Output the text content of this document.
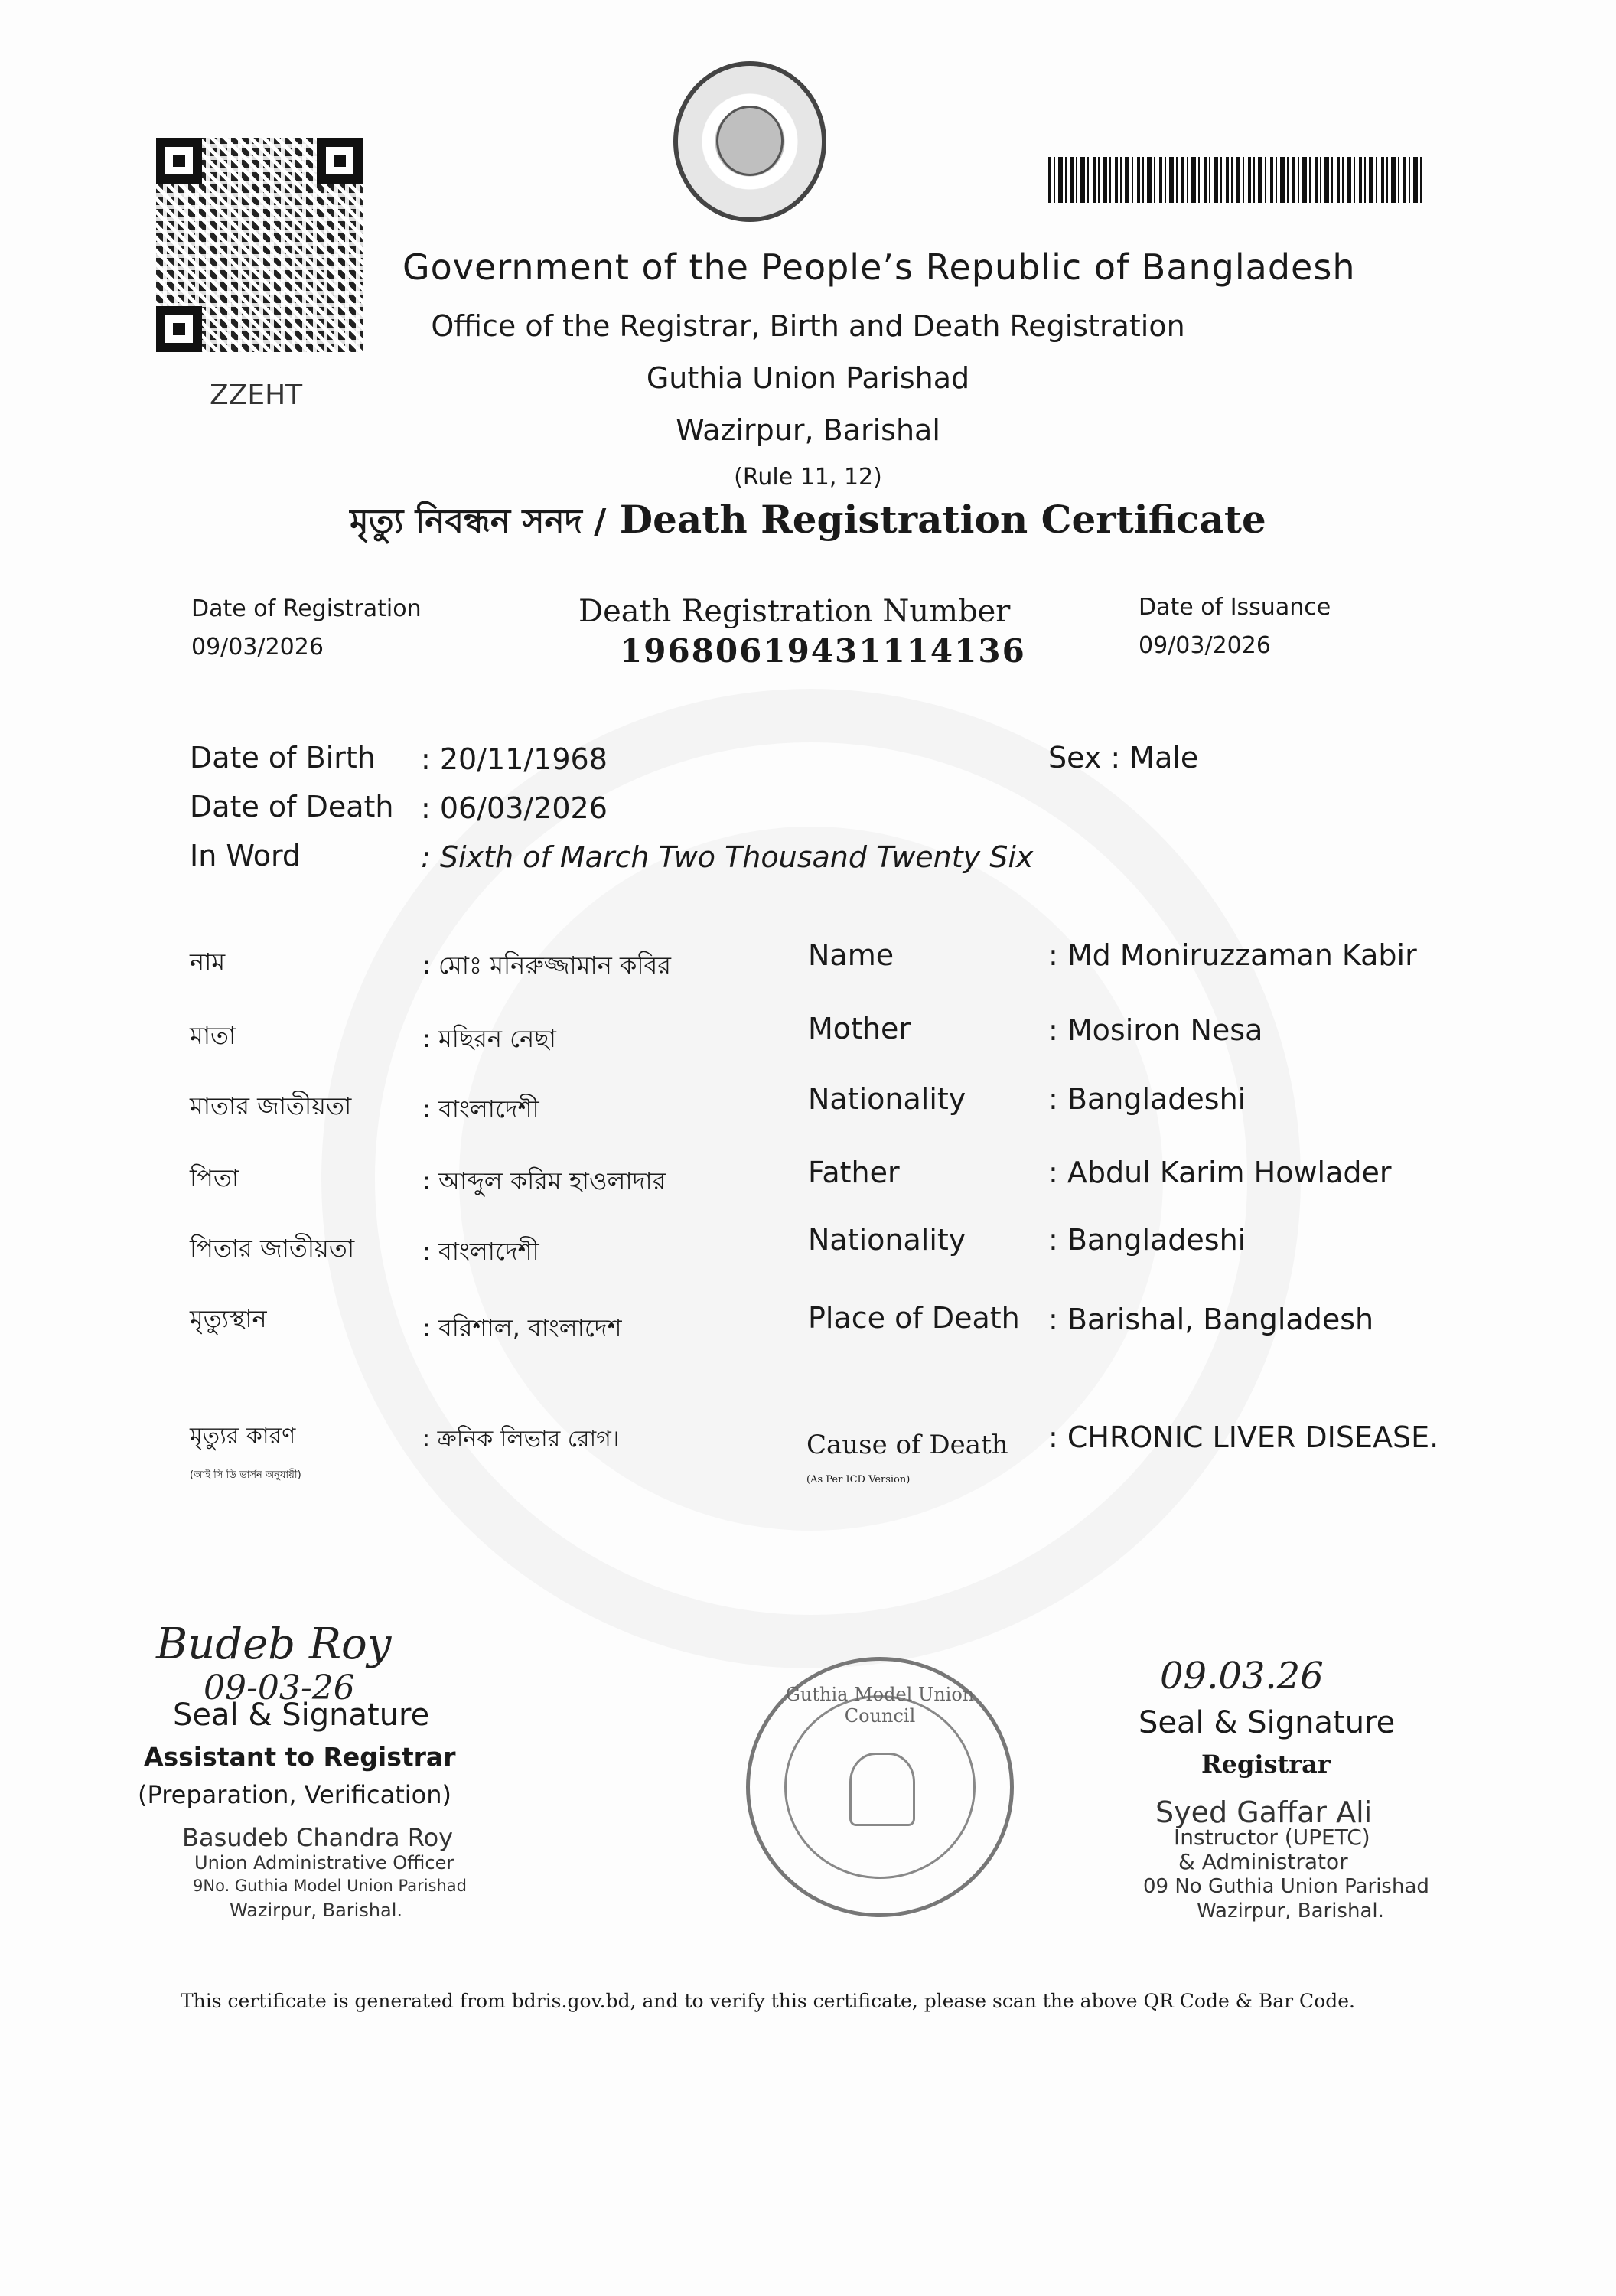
ZZEHT
Government of the People’s Republic of Bangladesh
Office of the Registrar, Birth and Death Registration
Guthia Union Parishad
Wazirpur, Barishal
(Rule 11, 12)
মৃত্যু নিবন্ধন সনদ / Death Registration Certificate
Date of Registration
09/03/2026
Death Registration Number
19680619431114136
Date of Issuance
09/03/2026
Date of Birth : 20/11/1968	Sex : Male
Date of Death : 06/03/2026
In Word	: Sixth of March Two Thousand Twenty Six
নাম	: মোঃ মনিরুজ্জামান কবির	Name	: Md Moniruzzaman Kabir
মাতা	: মছিরন নেছা	Mother	: Mosiron Nesa
মাতার জাতীয়তা	: বাংলাদেশী	Nationality	: Bangladeshi
পিতা	: আব্দুল করিম হাওলাদার	Father	: Abdul Karim Howlader
পিতার জাতীয়তা	: বাংলাদেশী	Nationality	: Bangladeshi
মৃত্যুস্থান	: বরিশাল, বাংলাদেশ	Place of Death : Barishal, Bangladesh
মৃত্যুর কারণ
(আই সি ডি ভার্সন অনুযায়ী)
: ক্রনিক লিভার রোগ।	Cause of Death
(As Per ICD Version)
: CHRONIC LIVER DISEASE.
Budeb Roy
09-03-26
Seal & Signature
Assistant to Registrar
(Preparation, Verification)
Basudeb Chandra Roy
Union Administrative Officer
9No. Guthia Model Union Parishad
Wazirpur, Barishal.
Guthia Model Union Council
09.03.26
Seal & Signature
Registrar
Syed Gaffar Ali
Instructor (UPETC)
& Administrator
09 No Guthia Union Parishad
Wazirpur, Barishal.
This certificate is generated from bdris.gov.bd, and to verify this certificate, please scan the above QR Code & Bar Code.
